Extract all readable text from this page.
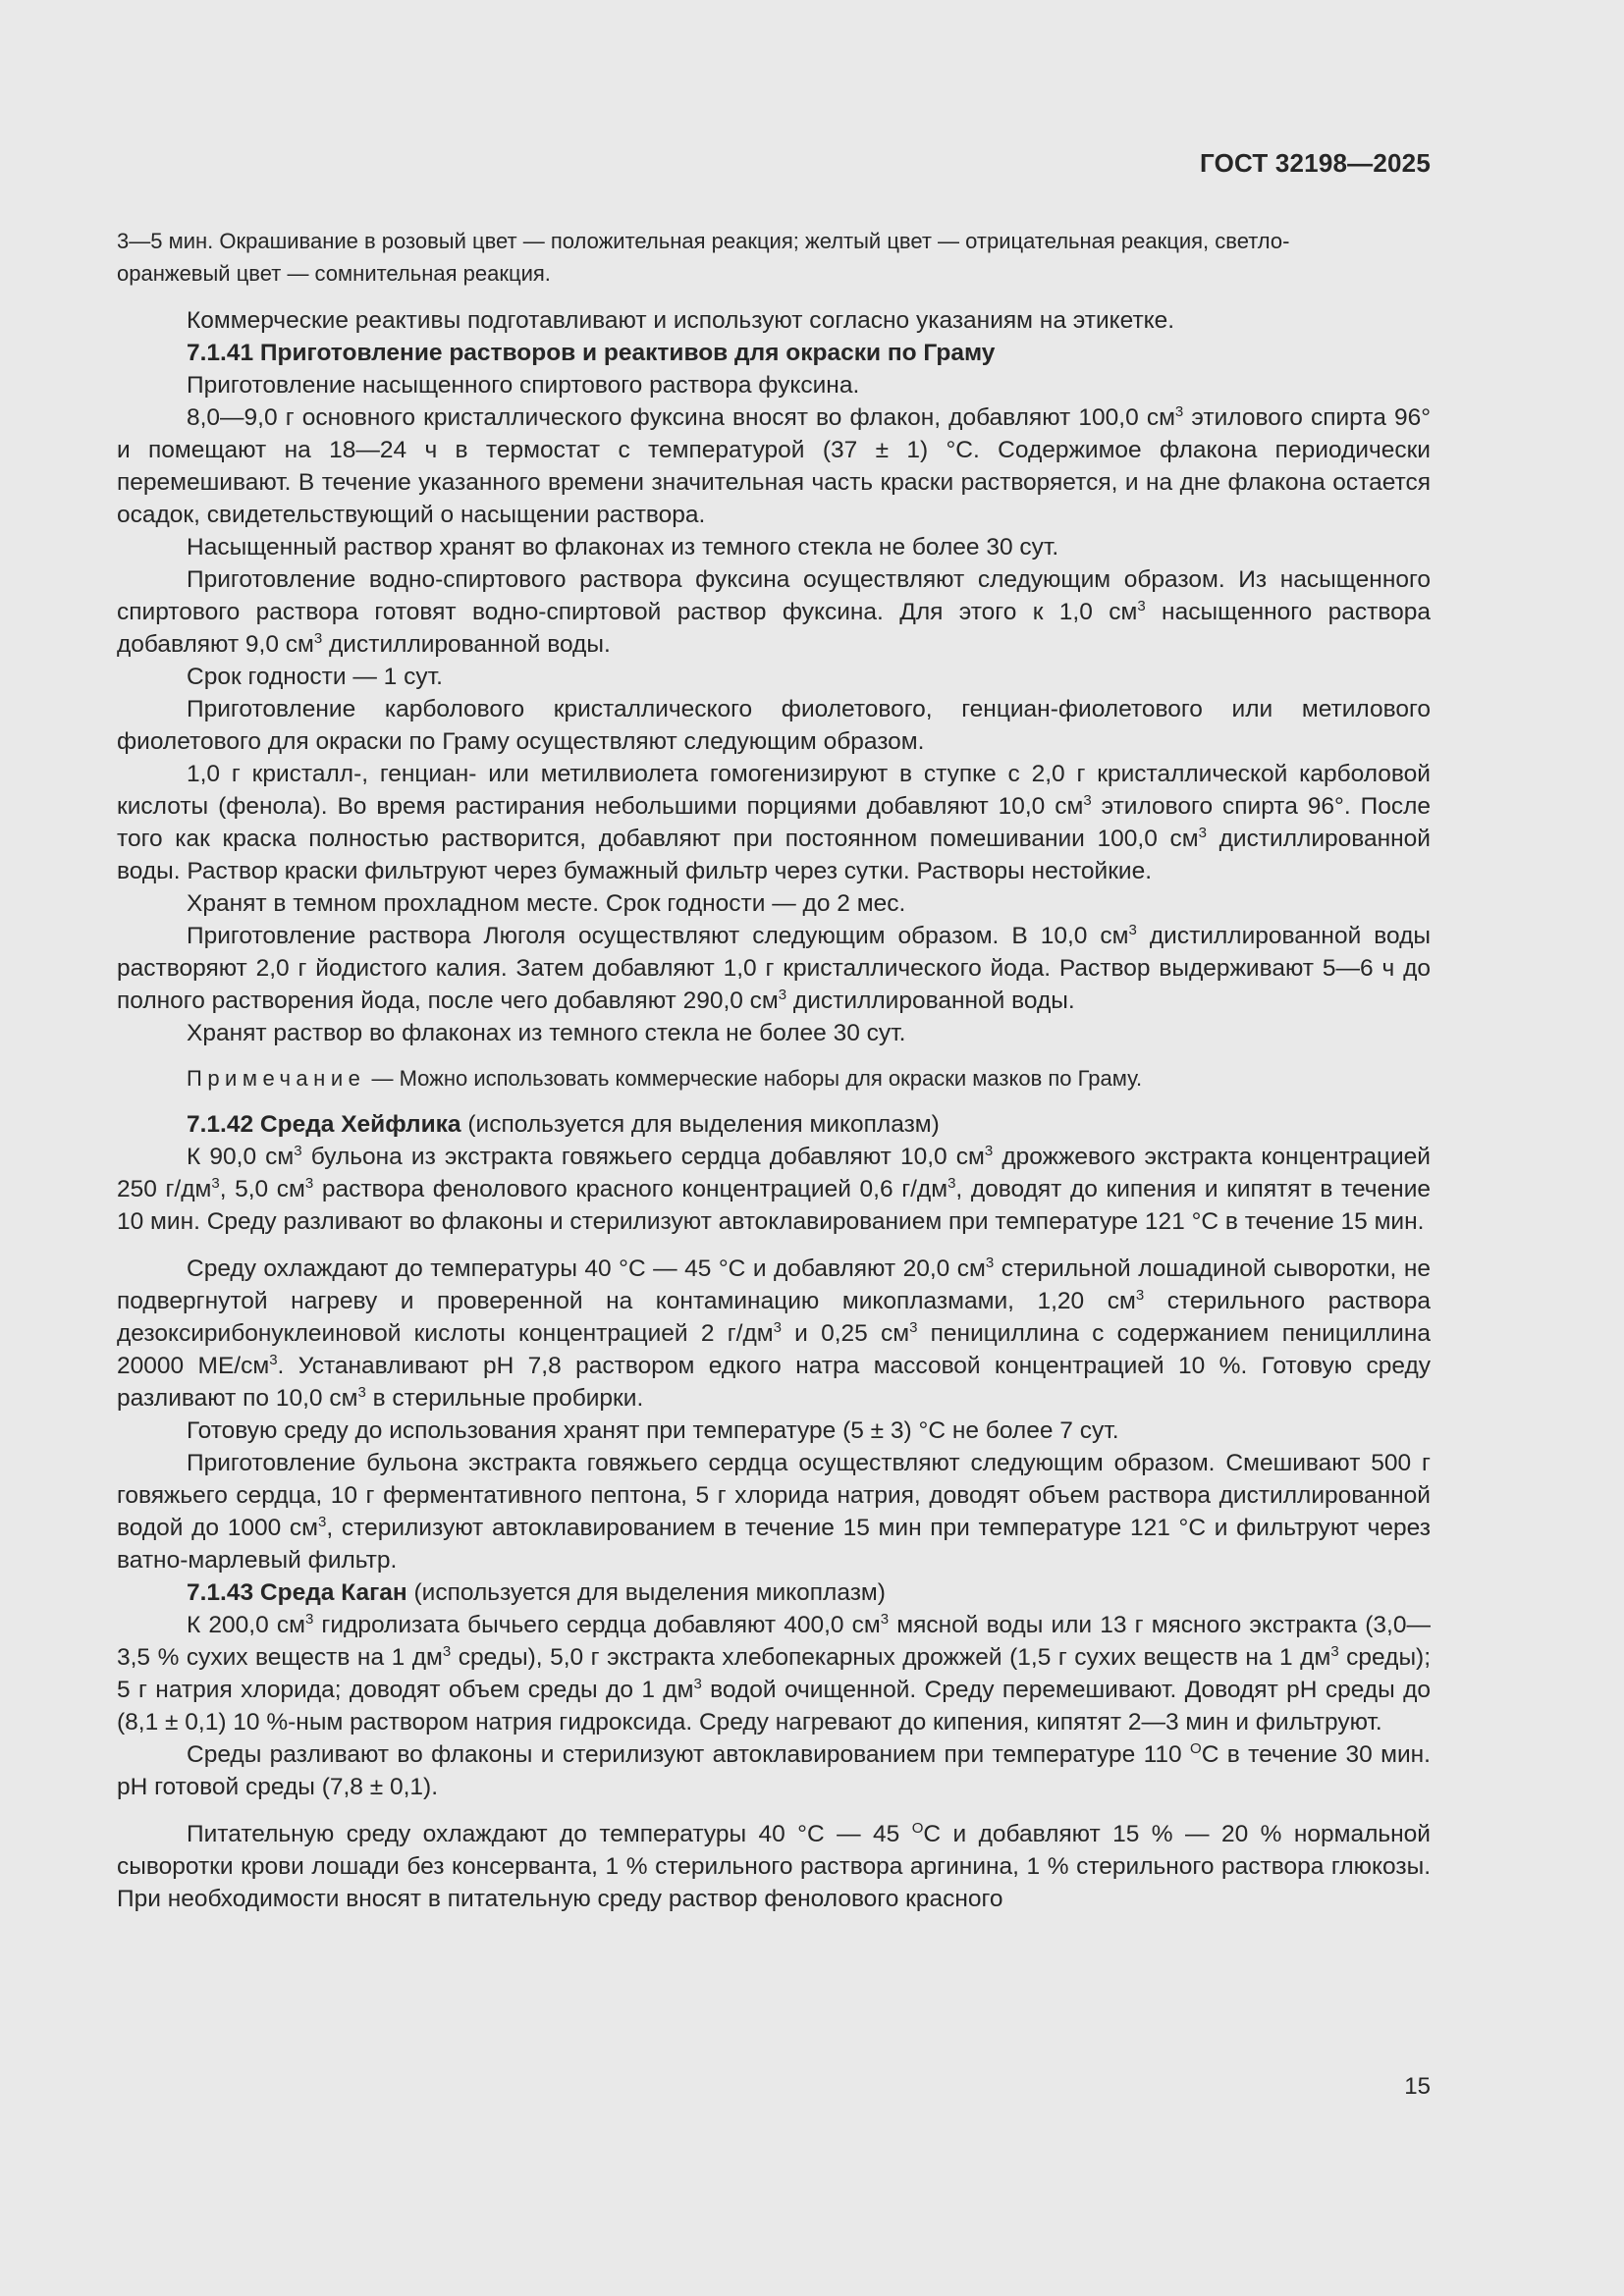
ГОСТ 32198—2025
3—5 мин. Окрашивание в розовый цвет — положительная реакция; желтый цвет — отрицательная реакция, светло-
оранжевый цвет — сомнительная реакция.

Коммерческие реактивы подготавливают и используют согласно указаниям на этикетке.

7.1.41 Приготовление растворов и реактивов для окраски по Граму

Приготовление насыщенного спиртового раствора фуксина.

8,0—9,0 г основного кристаллического фуксина вносят во флакон, добавляют 100,0 $см^3$ этилового спирта 96° и помещают на 18—24 ч в термостат с температурой (37 ± 1) °С. Содержимое флакона периодически перемешивают. В течение указанного времени значительная часть краски растворяется, и на дне флакона остается осадок, свидетельствующий о насыщении раствора.

Насыщенный раствор хранят во флаконах из темного стекла не более 30 сут.

Приготовление водно-спиртового раствора фуксина осуществляют следующим образом. Из насыщенного спиртового раствора готовят водно-спиртовой раствор фуксина. Для этого к 1,0 $см^3$ насыщенного раствора добавляют 9,0 $см^3$ дистиллированной воды.

Срок годности — 1 сут.

Приготовление карболового кристаллического фиолетового, генциан-фиолетового или метилового фиолетового для окраски по Граму осуществляют следующим образом.

1,0 г кристалл-, генциан- или метилвиолета гомогенизируют в ступке с 2,0 г кристаллической карболовой кислоты (фенола). Во время растирания небольшими порциями добавляют 10,0 $см^3$ этилового спирта 96°. После того как краска полностью растворится, добавляют при постоянном помешивании 100,0 $см^3$ дистиллированной воды. Раствор краски фильтруют через бумажный фильтр через сутки. Растворы нестойкие.

Хранят в темном прохладном месте. Срок годности — до 2 мес.

Приготовление раствора Люголя осуществляют следующим образом. В 10,0 $см^3$ дистиллированной воды растворяют 2,0 г йодистого калия. Затем добавляют 1,0 г кристаллического йода. Раствор выдерживают 5—6 ч до полного растворения йода, после чего добавляют 290,0 $см^3$ дистиллированной воды.

Хранят раствор во флаконах из темного стекла не более 30 сут.

Примечание — Можно использовать коммерческие наборы для окраски мазков по Граму.

7.1.42 Среда Хейфлика (используется для выделения микоплазм)

К 90,0 $см^3$ бульона из экстракта говяжьего сердца добавляют 10,0 $см^3$ дрожжевого экстракта концентрацией 250 $г/дм^3$, 5,0 $см^3$ раствора фенолового красного концентрацией 0,6 $г/дм^3$, доводят до кипения и кипятят в течение 10 мин. Среду разливают во флаконы и стерилизуют автоклавированием при температуре 121 °С в течение 15 мин.

Среду охлаждают до температуры 40 °С — 45 °С и добавляют 20,0 $см^3$ стерильной лошадиной сыворотки, не подвергнутой нагреву и проверенной на контаминацию микоплазмами, 1,20 $см^3$ стерильного раствора дезоксирибонуклеиновой кислоты концентрацией 2 $г/дм^3$ и 0,25 $см^3$ пенициллина с содержанием пенициллина 20000 $МЕ/см^3$. Устанавливают рН 7,8 раствором едкого натра массовой концентрацией 10 %. Готовую среду разливают по 10,0 $см^3$ в стерильные пробирки.

Готовую среду до использования хранят при температуре (5 ± 3) °С не более 7 сут.

Приготовление бульона экстракта говяжьего сердца осуществляют следующим образом. Смешивают 500 г говяжьего сердца, 10 г ферментативного пептона, 5 г хлорида натрия, доводят объем раствора дистиллированной водой до 1000 $см^3$, стерилизуют автоклавированием в течение 15 мин при температуре 121 °С и фильтруют через ватно-марлевый фильтр.

7.1.43 Среда Каган (используется для выделения микоплазм)

К 200,0 $см^3$ гидролизата бычьего сердца добавляют 400,0 $см^3$ мясной воды или 13 г мясного экстракта (3,0—3,5 % сухих веществ на 1 $дм^3$ среды), 5,0 г экстракта хлебопекарных дрожжей (1,5 г сухих веществ на 1 $дм^3$ среды); 5 г натрия хлорида; доводят объем среды до 1 $дм^3$ водой очищенной. Среду перемешивают. Доводят рН среды до (8,1 ± 0,1) 10 %-ным раствором натрия гидроксида. Среду нагревают до кипения, кипятят 2—3 мин и фильтруют.

Среды разливают во флаконы и стерилизуют автоклавированием при температуре 110 $^О$С в течение 30 мин. рН готовой среды (7,8 ± 0,1).

Питательную среду охлаждают до температуры 40 °С — 45 $^О$С и добавляют 15 % — 20 % нормальной сыворотки крови лошади без консерванта, 1 % стерильного раствора аргинина, 1 % стерильного раствора глюкозы. При необходимости вносят в питательную среду раствор фенолового красного

15
